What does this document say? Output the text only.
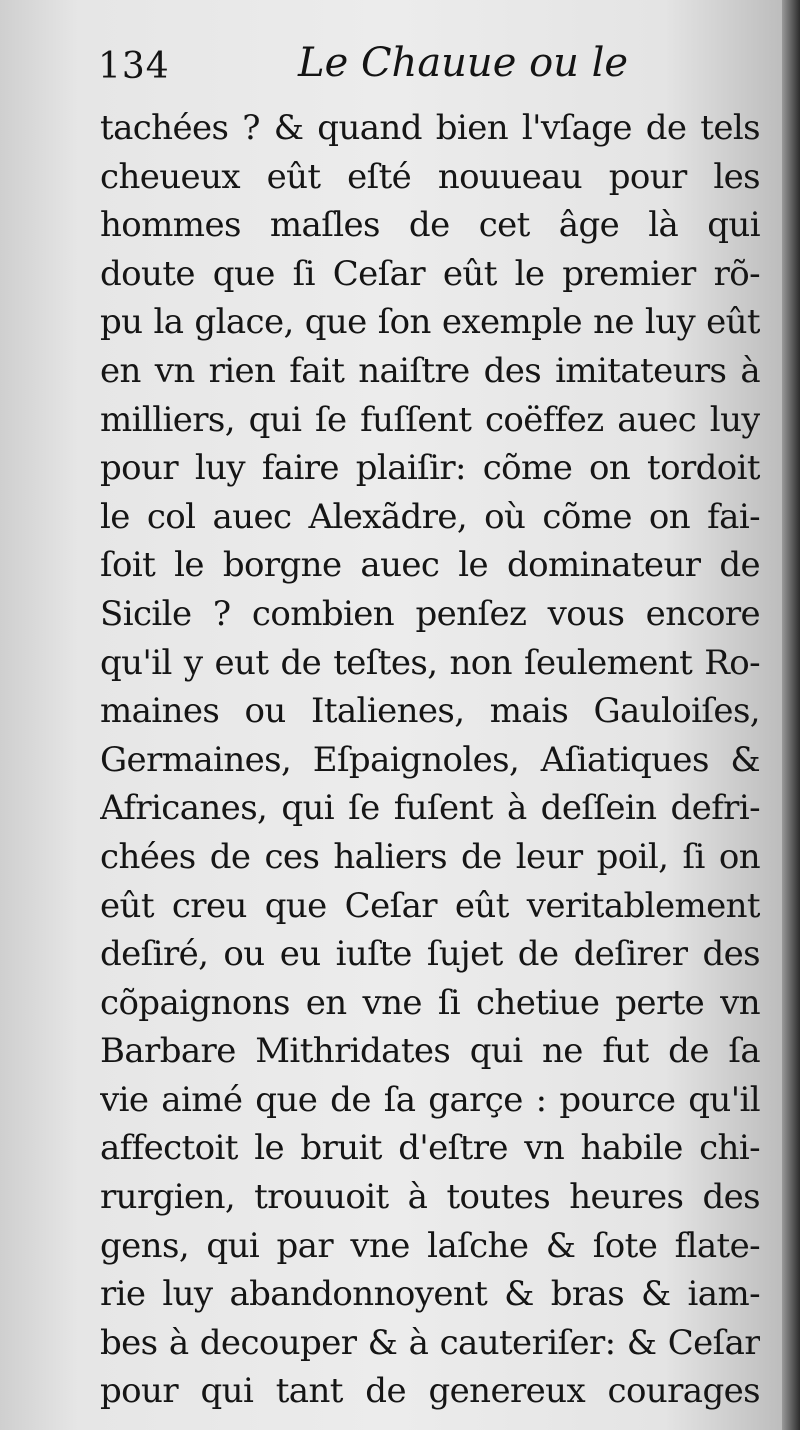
134	Le Chauue ou le
tachées ? & quand bien l'vſage de tels
cheueux eût eſté nouueau pour les
hommes maſles de cet âge là qui
doute que ſi Ceſar eût le premier rõ-
pu la glace, que ſon exemple ne luy eût
en vn rien fait naiſtre des imitateurs à
milliers, qui ſe fuſſent coëffez auec luy
pour luy faire plaiſir: cõme on tordoit
le col auec Alexãdre, où cõme on fai-
ſoit le borgne auec le dominateur de
Sicile ? combien penſez vous encore
qu'il y eut de teſtes, non ſeulement Ro-
maines ou Italienes, mais Gauloiſes,
Germaines, Eſpaignoles, Aſiatiques &
Africanes, qui ſe fuſent à deſſein defri-
chées de ces haliers de leur poil, ſi on
eût creu que Ceſar eût veritablement
deſiré, ou eu iuſte ſujet de deſirer des
cõpaignons en vne ſi chetiue perte vn
Barbare Mithridates qui ne fut de ſa
vie aimé que de ſa garçe : pource qu'il
affectoit le bruit d'eſtre vn habile chi-
rurgien, trouuoit à toutes heures des
gens, qui par vne laſche & ſote flate-
rie luy abandonnoyent & bras & iam-
bes à decouper & à cauteriſer: & Ceſar
pour qui tant de genereux courages
